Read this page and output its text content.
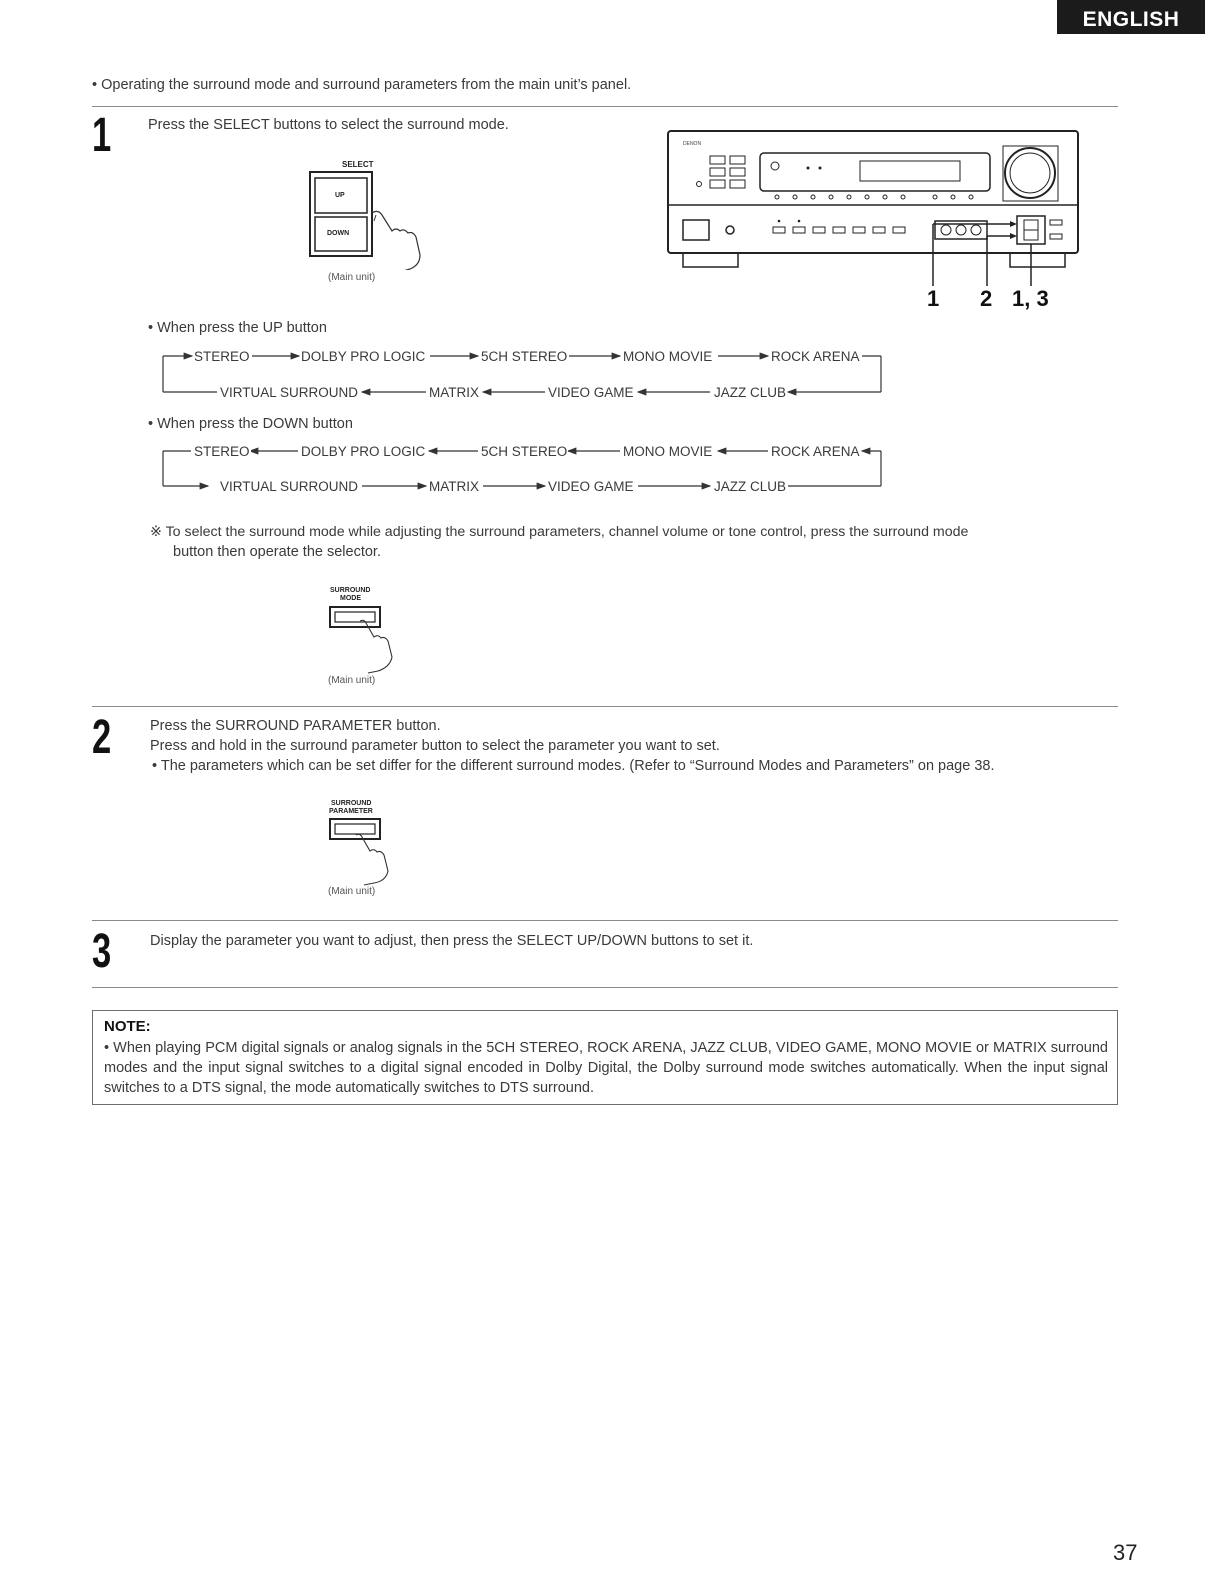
ENGLISH
• Operating the surround mode and surround parameters from the main unit’s panel.
1	Press the SELECT buttons to select the surround mode.
SELECT
UP
DOWN
(Main unit)
DENON
1 2 1, 3
• When press the UP button
STEREO	DOLBY PRO LOGIC	5CH STEREO	MONO MOVIE	ROCK ARENA
VIRTUAL SURROUND	MATRIX	VIDEO GAME	JAZZ CLUB
• When press the DOWN button
STEREO	DOLBY PRO LOGIC	5CH STEREO	MONO MOVIE	ROCK ARENA
VIRTUAL SURROUND	MATRIX	VIDEO GAME	JAZZ CLUB
※ To select the surround mode while adjusting the surround parameters, channel volume or tone control, press the surround mode
button then operate the selector.
SURROUND
MODE
(Main unit)
2	Press the SURROUND PARAMETER button.
Press and hold in the surround parameter button to select the parameter you want to set.
• The parameters which can be set differ for the different surround modes. (Refer to “Surround Modes and Parameters” on page 38.
SURROUND
PARAMETER
(Main unit)
3	Display the parameter you want to adjust, then press the SELECT UP/DOWN buttons to set it.
NOTE:
• When playing PCM digital signals or analog signals in the 5CH STEREO, ROCK ARENA, JAZZ CLUB, VIDEO GAME, MONO MOVIE or MATRIX surround modes and the input signal switches to a digital signal encoded in Dolby Digital, the Dolby surround mode switches automatically. When the input signal switches to a DTS signal, the mode automatically switches to DTS surround.
37
